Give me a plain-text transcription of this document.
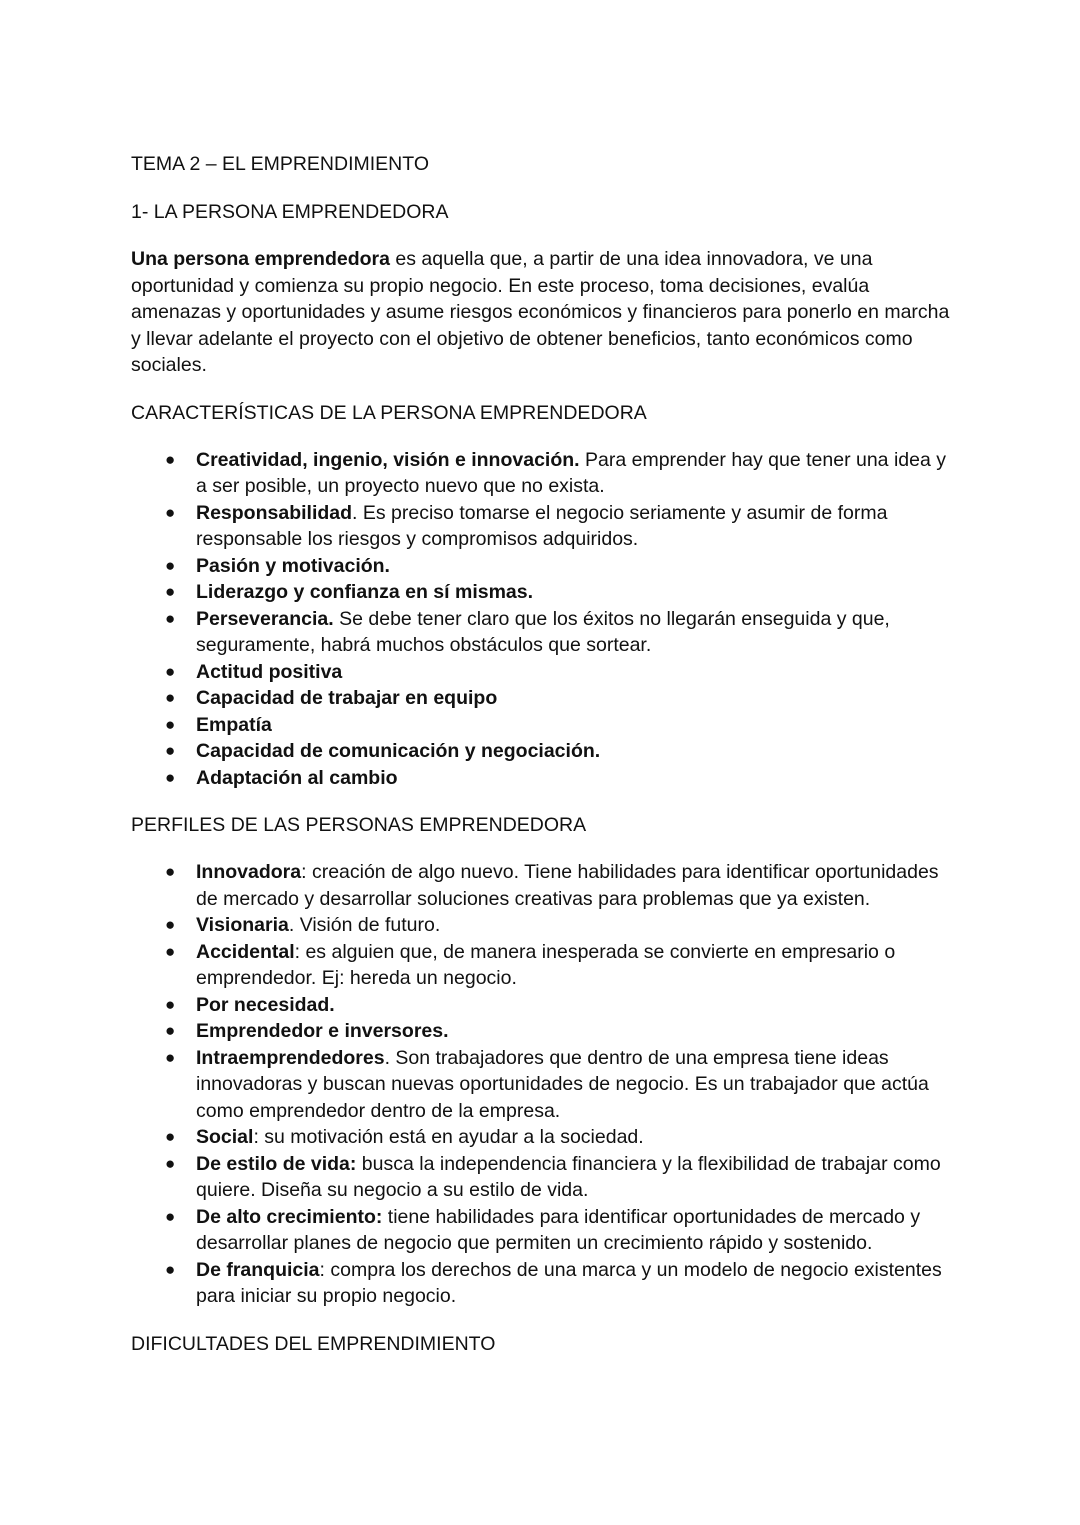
TEMA 2 – EL EMPRENDIMIENTO

1- LA PERSONA EMPRENDEDORA

Una persona emprendedora es aquella que, a partir de una idea innovadora, ve una oportunidad y comienza su propio negocio. En este proceso, toma decisiones, evalúa amenazas y oportunidades y asume riesgos económicos y financieros para ponerlo en marcha y llevar adelante el proyecto con el objetivo de obtener beneficios, tanto económicos como sociales.

CARACTERÍSTICAS DE LA PERSONA EMPRENDEDORA

● Creatividad, ingenio, visión e innovación. Para emprender hay que tener una idea y a ser posible, un proyecto nuevo que no exista.
● Responsabilidad. Es preciso tomarse el negocio seriamente y asumir de forma responsable los riesgos y compromisos adquiridos.
● Pasión y motivación.
● Liderazgo y confianza en sí mismas.
● Perseverancia. Se debe tener claro que los éxitos no llegarán enseguida y que, seguramente, habrá muchos obstáculos que sortear.
● Actitud positiva
● Capacidad de trabajar en equipo
● Empatía
● Capacidad de comunicación y negociación.
● Adaptación al cambio

PERFILES DE LAS PERSONAS EMPRENDEDORA

● Innovadora: creación de algo nuevo. Tiene habilidades para identificar oportunidades de mercado y desarrollar soluciones creativas para problemas que ya existen.
● Visionaria. Visión de futuro.
● Accidental: es alguien que, de manera inesperada se convierte en empresario o emprendedor. Ej: hereda un negocio.
● Por necesidad.
● Emprendedor e inversores.
● Intraemprendedores. Son trabajadores que dentro de una empresa tiene ideas innovadoras y buscan nuevas oportunidades de negocio. Es un trabajador que actúa como emprendedor dentro de la empresa.
● Social: su motivación está en ayudar a la sociedad.
● De estilo de vida: busca la independencia financiera y la flexibilidad de trabajar como quiere. Diseña su negocio a su estilo de vida.
● De alto crecimiento: tiene habilidades para identificar oportunidades de mercado y desarrollar planes de negocio que permiten un crecimiento rápido y sostenido.
● De franquicia: compra los derechos de una marca y un modelo de negocio existentes para iniciar su propio negocio.

DIFICULTADES DEL EMPRENDIMIENTO
